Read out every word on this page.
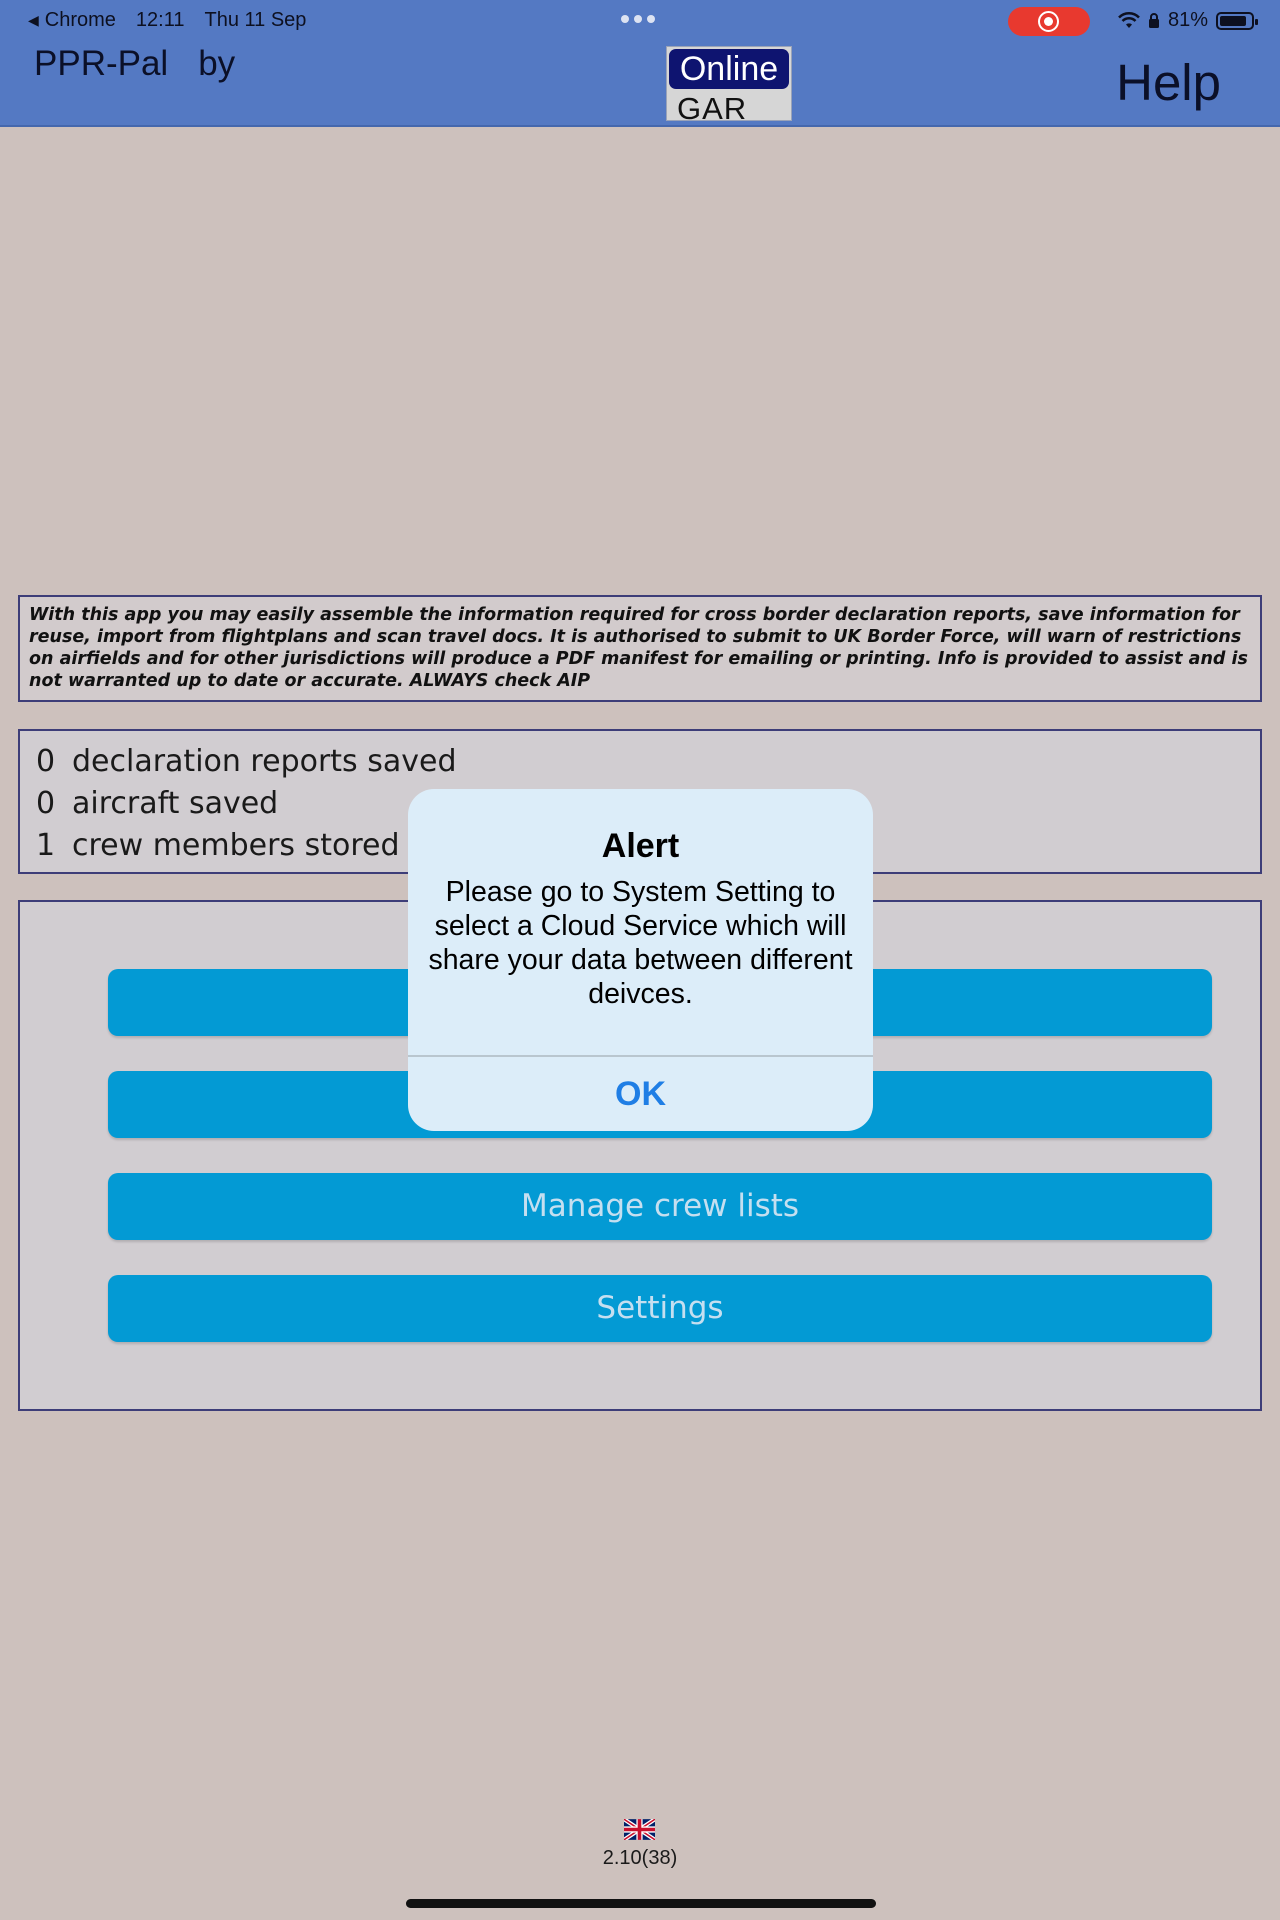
◀ Chrome 12:11 Thu 11 Sep	81%
PPR-Pal by	Online
GAR	Help
With this app you may easily assemble the information required for cross border declaration reports, save information for reuse, import from flightplans and scan travel docs. It is authorised to submit to UK Border Force, will warn of restrictions on airfields and for other jurisdictions will produce a PDF manifest for emailing or printing. Info is provided to assist and is not warranted up to date or accurate. ALWAYS check AIP
0 declaration reports saved
0 aircraft saved
1 crew members stored
Manage crew lists
Settings
Alert
Please go to System Setting to select a Cloud Service which will share your data between different deivces.
OK
2.10(38)
